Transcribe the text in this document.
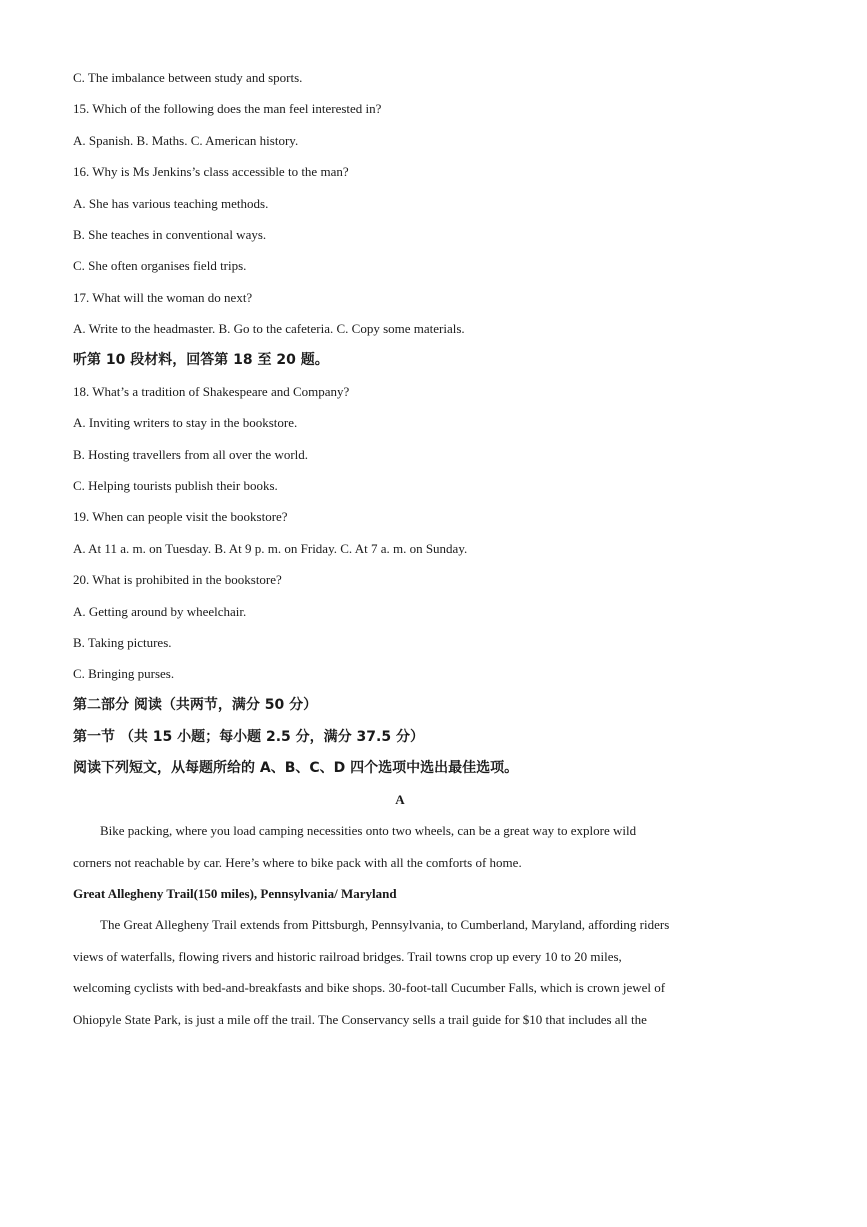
C. The imbalance between study and sports.
15. Which of the following does the man feel interested in?
A. Spanish. B. Maths. C. American history.
16. Why is Ms Jenkins’s class accessible to the man?
A. She has various teaching methods.
B. She teaches in conventional ways.
C. She often organises field trips.
17. What will the woman do next?
A. Write to the headmaster. B. Go to the cafeteria. C. Copy some materials.
听第 10 段材料，回答第 18 至 20 题。
18. What’s a tradition of Shakespeare and Company?
A. Inviting writers to stay in the bookstore.
B. Hosting travellers from all over the world.
C. Helping tourists publish their books.
19. When can people visit the bookstore?
A. At 11 a. m. on Tuesday. B. At 9 p. m. on Friday. C. At 7 a. m. on Sunday.
20. What is prohibited in the bookstore?
A. Getting around by wheelchair.
B. Taking pictures.
C. Bringing purses.
第二部分 阅读（共两节，满分 50 分）
第一节 （共 15 小题；每小题 2.5 分，满分 37.5 分）
阅读下列短文，从每题所给的 A、B、C、D 四个选项中选出最佳选项。
A
Bike packing, where you load camping necessities onto two wheels, can be a great way to explore wild
corners not reachable by car. Here’s where to bike pack with all the comforts of home.
Great Allegheny Trail(150 miles), Pennsylvania/ Maryland
The Great Allegheny Trail extends from Pittsburgh, Pennsylvania, to Cumberland, Maryland, affording riders
views of waterfalls, flowing rivers and historic railroad bridges. Trail towns crop up every 10 to 20 miles,
welcoming cyclists with bed-and-breakfasts and bike shops. 30-foot-tall Cucumber Falls, which is crown jewel of
Ohiopyle State Park, is just a mile off the trail. The Conservancy sells a trail guide for $10 that includes all the
